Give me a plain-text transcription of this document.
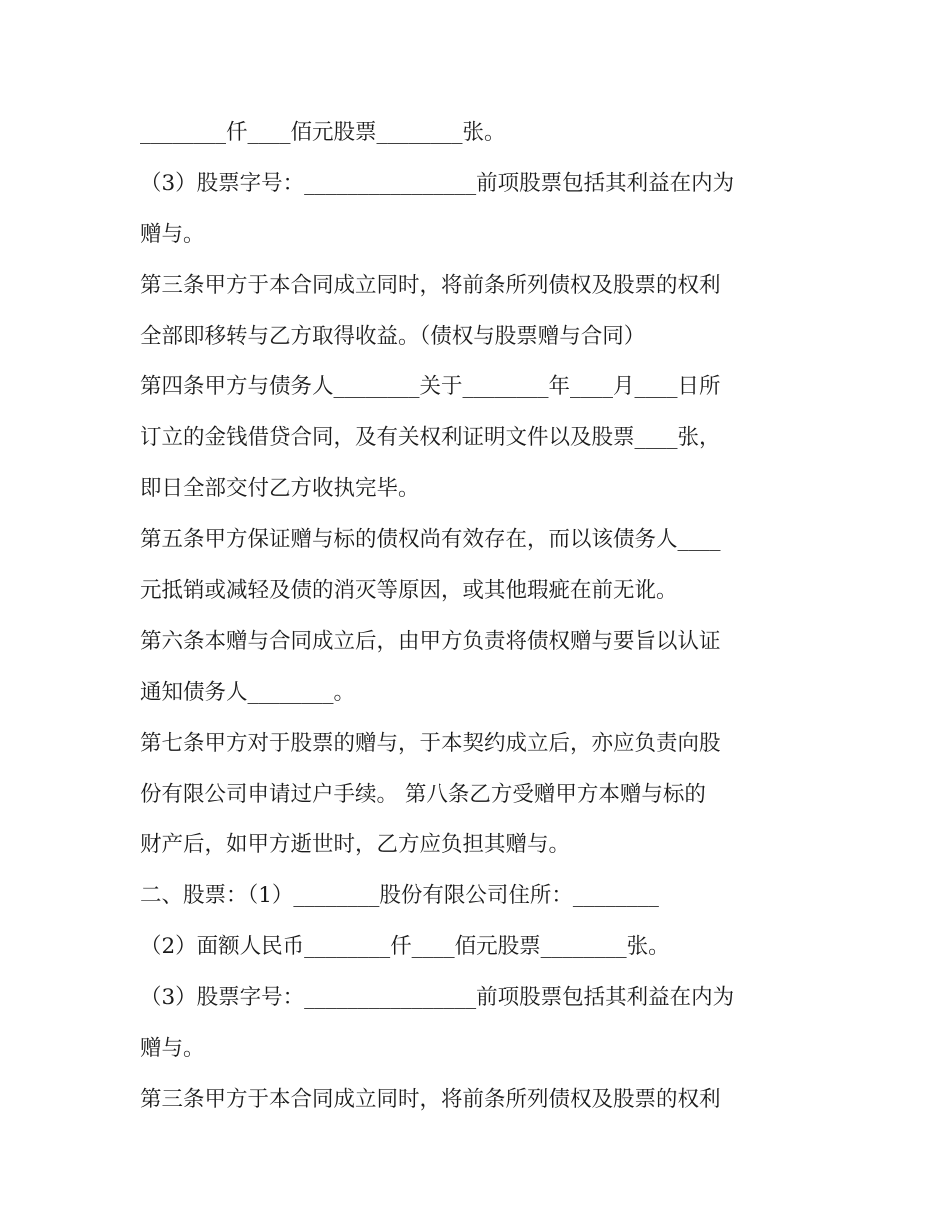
________仟____佰元股票________张。
（3）股票字号：________________前项股票包括其利益在内为
赠与。
第三条甲方于本合同成立同时，将前条所列债权及股票的权利
全部即移转与乙方取得收益。（债权与股票赠与合同）
第四条甲方与债务人________关于________年____月____日所
订立的金钱借贷合同，及有关权利证明文件以及股票____张，
即日全部交付乙方收执完毕。
第五条甲方保证赠与标的债权尚有效存在，而以该债务人____
元抵销或减轻及债的消灭等原因，或其他瑕疵在前无讹。
第六条本赠与合同成立后，由甲方负责将债权赠与要旨以认证
通知债务人________。
第七条甲方对于股票的赠与，于本契约成立后，亦应负责向股
份有限公司申请过户手续。 第八条乙方受赠甲方本赠与标的
财产后，如甲方逝世时，乙方应负担其赠与。
二、股票：（1）________股份有限公司住所：________
（2）面额人民币________仟____佰元股票________张。
（3）股票字号：________________前项股票包括其利益在内为
赠与。
第三条甲方于本合同成立同时，将前条所列债权及股票的权利
